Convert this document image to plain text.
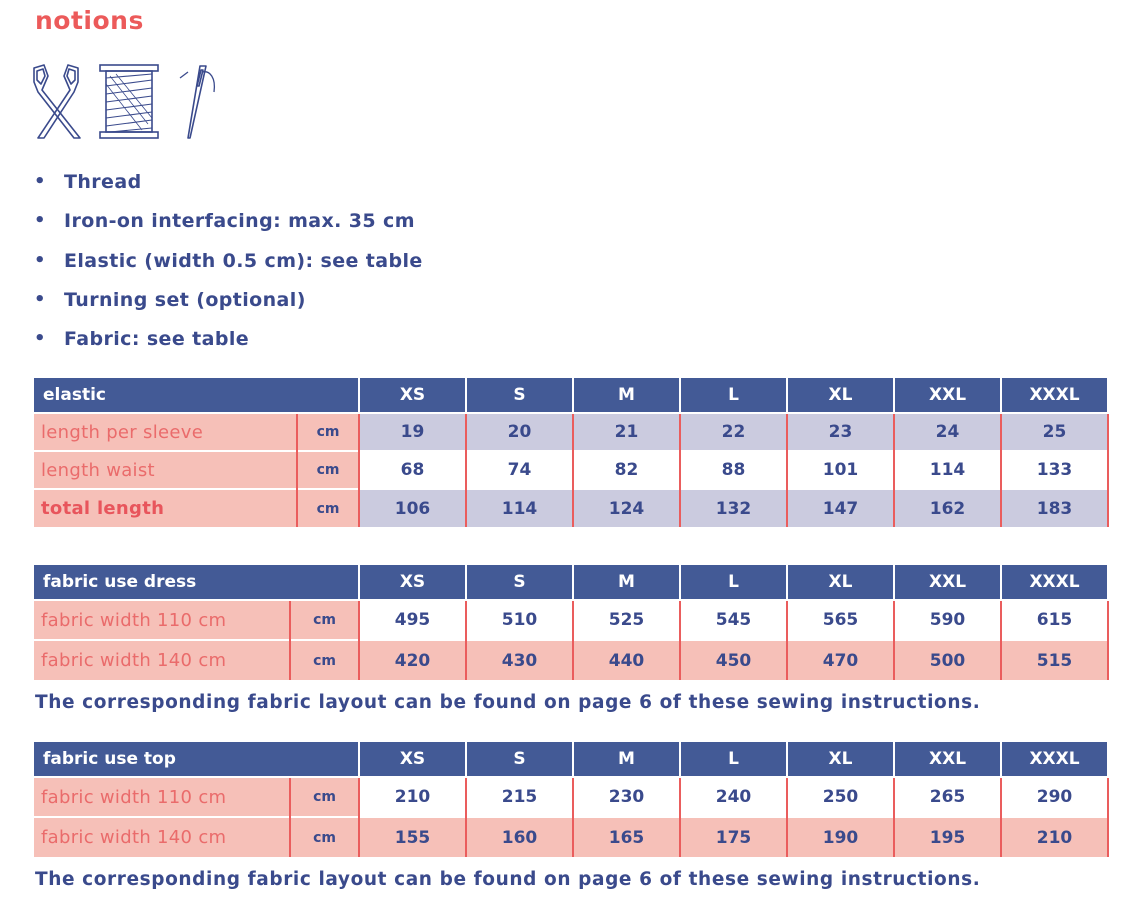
notions
• Thread
• Iron-on interfacing: max. 35 cm
• Elastic (width 0.5 cm): see table
• Turning set (optional)
• Fabric: see table
elastic		XS	S	M	L	XL	XXL	XXXL
length per sleeve	cm	19	20	21	22	23	24	25
length waist	cm	68	74	82	88	101	114	133
total length	cm	106	114	124	132	147	162	183
fabric use dress		XS	S	M	L	XL	XXL	XXXL
fabric width 110 cm	cm	495	510	525	545	565	590	615
fabric width 140 cm	cm	420	430	440	450	470	500	515
The corresponding fabric layout can be found on page 6 of these sewing instructions.
fabric use top		XS	S	M	L	XL	XXL	XXXL
fabric width 110 cm	cm	210	215	230	240	250	265	290
fabric width 140 cm	cm	155	160	165	175	190	195	210
The corresponding fabric layout can be found on page 6 of these sewing instructions.
